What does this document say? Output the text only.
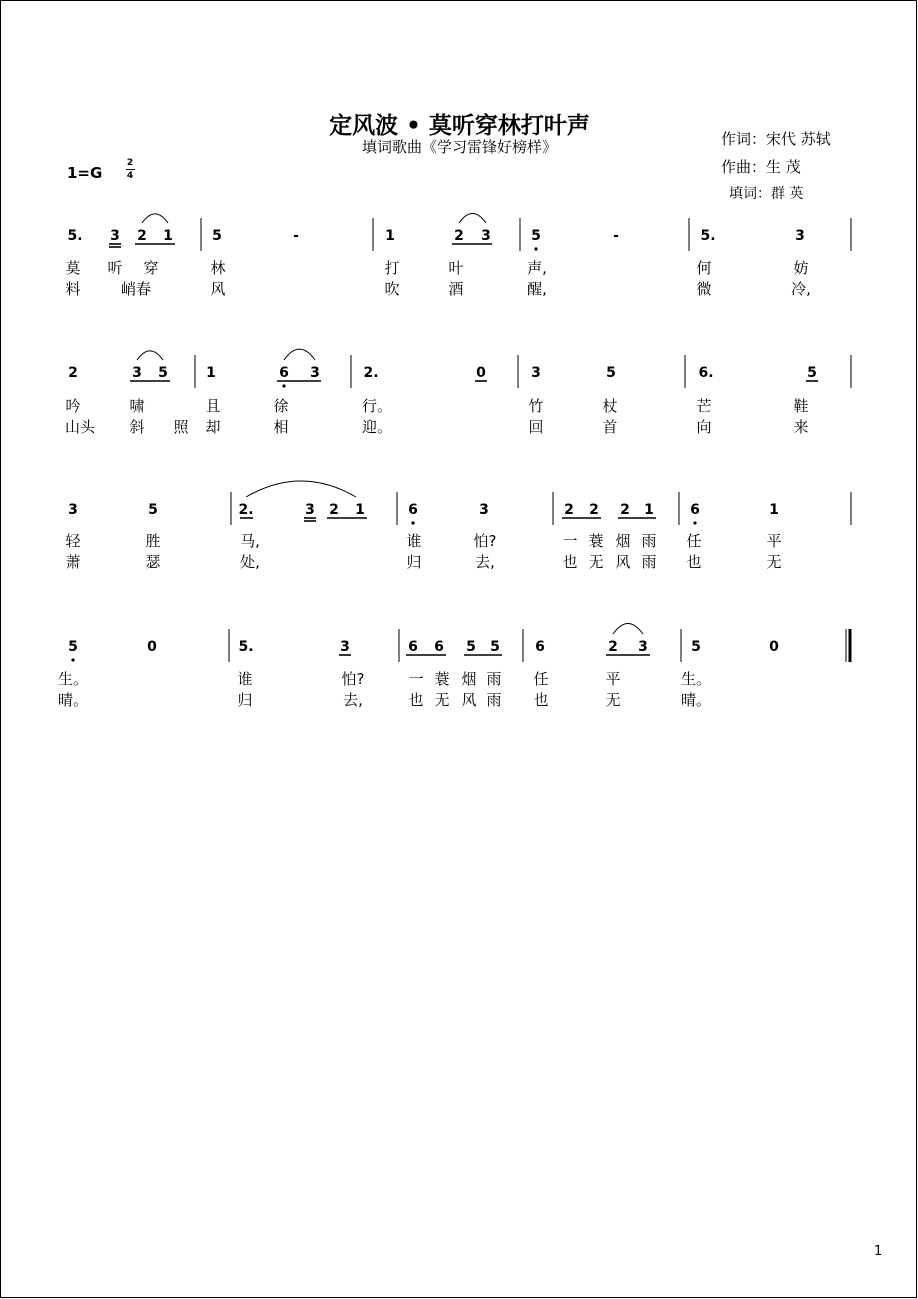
定风波 • 莫听穿林打叶声
填词歌曲《学习雷锋好榜样》	作词：宋代 苏轼
作曲：生 茂
填词：群 英
1=G
2
4
1
5. 3 2 1	5	-	1	2 3	5	-	5.	3
莫 听 穿	林	打	叶	声,	何	妨
料	峭春	风	吹	酒	醒,	微	冷,
2	3 5	1	6 3	2.	0	3	5	6.	5
吟	啸	且	徐	行。	竹	杖	芒	鞋
山头 斜 照 却	相	迎。	回	首	向	来
3	5	2.	3 2 1	6	3	2 2 2 1	6	1
轻	胜	马,	谁	怕?	一 蓑 烟 雨 任	平
萧	瑟	处,	归	去,	也 无 风 雨 也	无
5	0	5.	3	6 6 5 5	6	2 3	5	0
生。	谁	怕?	一 蓑 烟 雨 任	平	生。
晴。	归	去,	也 无 风 雨 也	无	晴。
